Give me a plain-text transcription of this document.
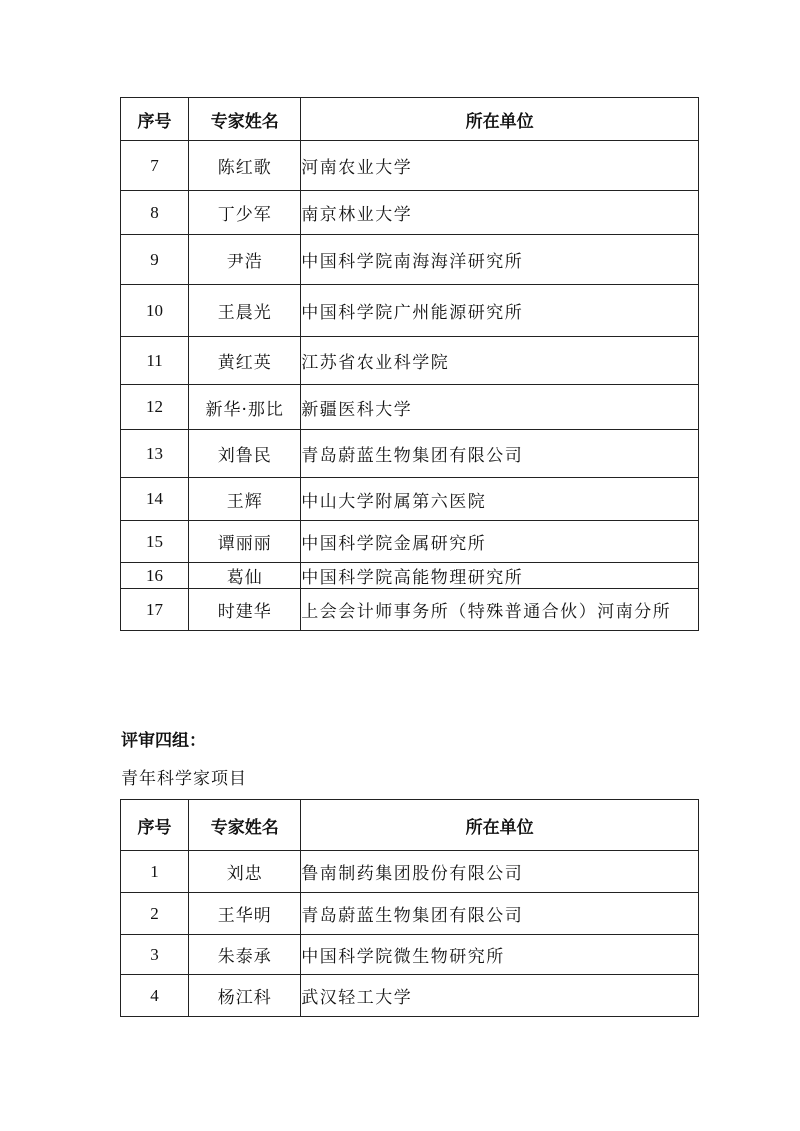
序号	专家姓名	所在单位
7	陈红歌	河南农业大学
8	丁少军	南京林业大学
9	尹浩	中国科学院南海海洋研究所
10	王晨光	中国科学院广州能源研究所
11	黄红英	江苏省农业科学院
12	新华·那比	新疆医科大学
13	刘鲁民	青岛蔚蓝生物集团有限公司
14	王辉	中山大学附属第六医院
15	谭丽丽	中国科学院金属研究所
16	葛仙	中国科学院高能物理研究所
17	时建华	上会会计师事务所（特殊普通合伙）河南分所
评审四组：
青年科学家项目
序号	专家姓名	所在单位
1	刘忠	鲁南制药集团股份有限公司
2	王华明	青岛蔚蓝生物集团有限公司
3	朱泰承	中国科学院微生物研究所
4	杨江科	武汉轻工大学
